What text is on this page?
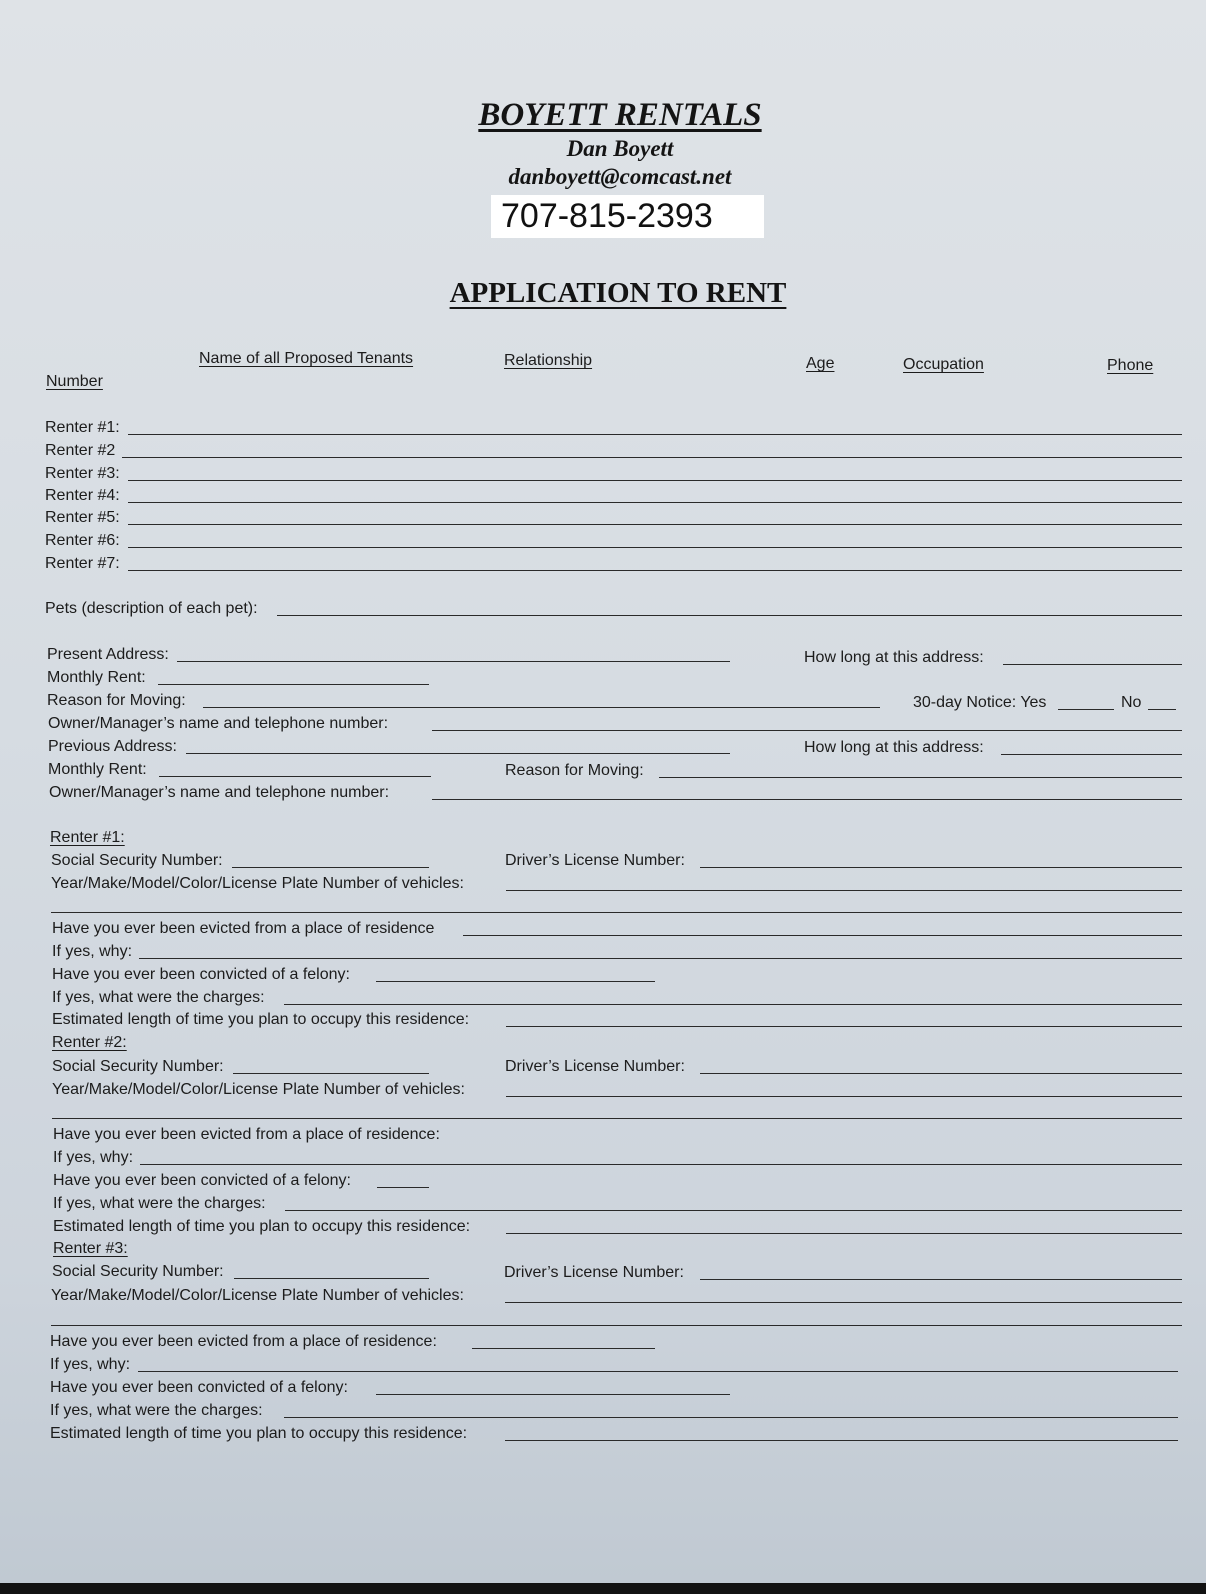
BOYETT RENTALS
Dan Boyett
danboyett@comcast.net
707-815-2393
APPLICATION TO RENT
Number
Name of all Proposed Tenants	Relationship	Age	Occupation	Phone
Renter #1:
Renter #2
Renter #3:
Renter #4:
Renter #5:
Renter #6:
Renter #7:
Pets (description of each pet):
Present Address:	How long at this address:
Monthly Rent:
Reason for Moving:	30-day Notice: Yes	No
Owner/Manager’s name and telephone number:
Previous Address:	How long at this address:
Monthly Rent:	Reason for Moving:
Owner/Manager’s name and telephone number:
Renter #1:
Social Security Number:	Driver’s License Number:
Year/Make/Model/Color/License Plate Number of vehicles:
Have you ever been evicted from a place of residence
If yes, why:
Have you ever been convicted of a felony:
If yes, what were the charges:
Estimated length of time you plan to occupy this residence:
Renter #2:
Social Security Number:	Driver’s License Number:
Year/Make/Model/Color/License Plate Number of vehicles:
Have you ever been evicted from a place of residence:
If yes, why:
Have you ever been convicted of a felony:
If yes, what were the charges:
Estimated length of time you plan to occupy this residence:
Renter #3:
Social Security Number:	Driver’s License Number:
Year/Make/Model/Color/License Plate Number of vehicles:
Have you ever been evicted from a place of residence:
If yes, why:
Have you ever been convicted of a felony:
If yes, what were the charges:
Estimated length of time you plan to occupy this residence:
